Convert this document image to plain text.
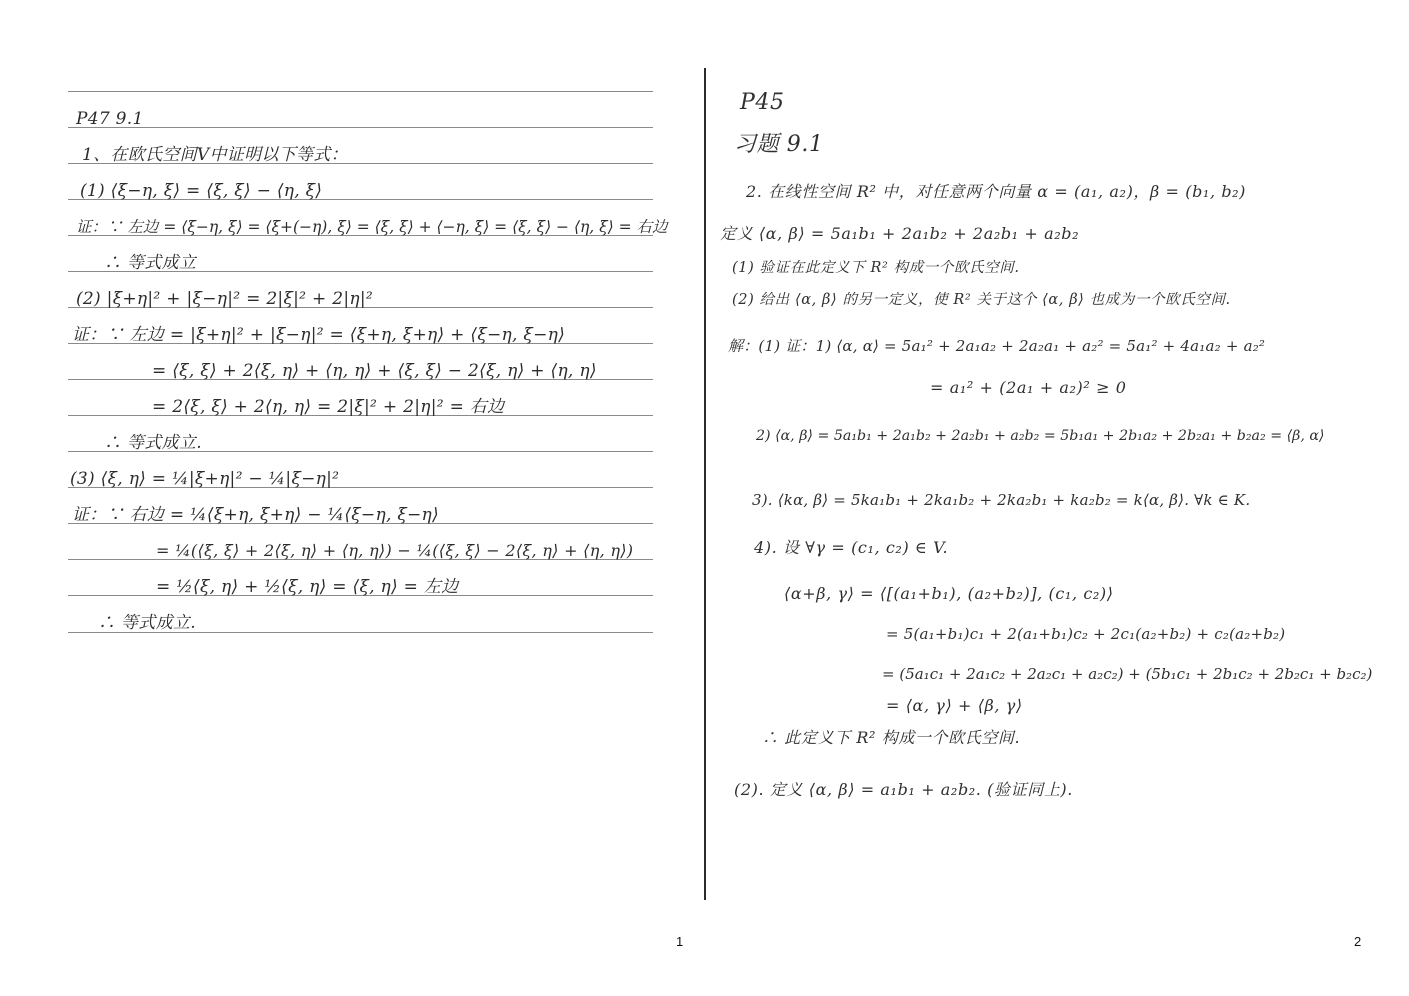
P47 9.1
1、在欧氏空间V中证明以下等式：
(1) ⟨ξ−η, ξ⟩ = ⟨ξ, ξ⟩ − ⟨η, ξ⟩
证：∵ 左边 = ⟨ξ−η, ξ⟩ = ⟨ξ+(−η), ξ⟩ = ⟨ξ, ξ⟩ + ⟨−η, ξ⟩ = ⟨ξ, ξ⟩ − ⟨η, ξ⟩ = 右边
∴ 等式成立
(2) |ξ+η|² + |ξ−η|² = 2|ξ|² + 2|η|²
证：∵ 左边 = |ξ+η|² + |ξ−η|² = ⟨ξ+η, ξ+η⟩ + ⟨ξ−η, ξ−η⟩
= ⟨ξ, ξ⟩ + 2⟨ξ, η⟩ + ⟨η, η⟩ + ⟨ξ, ξ⟩ − 2⟨ξ, η⟩ + ⟨η, η⟩
= 2⟨ξ, ξ⟩ + 2⟨η, η⟩ = 2|ξ|² + 2|η|² = 右边
∴ 等式成立.
(3) ⟨ξ, η⟩ = ¼|ξ+η|² − ¼|ξ−η|²
证：∵ 右边 = ¼⟨ξ+η, ξ+η⟩ − ¼⟨ξ−η, ξ−η⟩
= ¼(⟨ξ, ξ⟩ + 2⟨ξ, η⟩ + ⟨η, η⟩) − ¼(⟨ξ, ξ⟩ − 2⟨ξ, η⟩ + ⟨η, η⟩)
= ½⟨ξ, η⟩ + ½⟨ξ, η⟩ = ⟨ξ, η⟩ = 左边
∴ 等式成立.
P45
习题 9.1
2. 在线性空间 R² 中，对任意两个向量 α = (a₁, a₂)，β = (b₁, b₂)
定义 ⟨α, β⟩ = 5a₁b₁ + 2a₁b₂ + 2a₂b₁ + a₂b₂
(1) 验证在此定义下 R² 构成一个欧氏空间.
(2) 给出 ⟨α, β⟩ 的另一定义，使 R² 关于这个 ⟨α, β⟩ 也成为一个欧氏空间.
解：(1) 证：1) ⟨α, α⟩ = 5a₁² + 2a₁a₂ + 2a₂a₁ + a₂² = 5a₁² + 4a₁a₂ + a₂²
= a₁² + (2a₁ + a₂)² ≥ 0
2) ⟨α, β⟩ = 5a₁b₁ + 2a₁b₂ + 2a₂b₁ + a₂b₂ = 5b₁a₁ + 2b₁a₂ + 2b₂a₁ + b₂a₂ = ⟨β, α⟩
3). ⟨kα, β⟩ = 5ka₁b₁ + 2ka₁b₂ + 2ka₂b₁ + ka₂b₂ = k⟨α, β⟩. ∀k ∈ K.
4). 设 ∀γ = (c₁, c₂) ∈ V.
⟨α+β, γ⟩ = ⟨[(a₁+b₁), (a₂+b₂)], (c₁, c₂)⟩
= 5(a₁+b₁)c₁ + 2(a₁+b₁)c₂ + 2c₁(a₂+b₂) + c₂(a₂+b₂)
= (5a₁c₁ + 2a₁c₂ + 2a₂c₁ + a₂c₂) + (5b₁c₁ + 2b₁c₂ + 2b₂c₁ + b₂c₂)
= ⟨α, γ⟩ + ⟨β, γ⟩
∴ 此定义下 R² 构成一个欧氏空间.
(2). 定义 ⟨α, β⟩ = a₁b₁ + a₂b₂. (验证同上).
1	2
